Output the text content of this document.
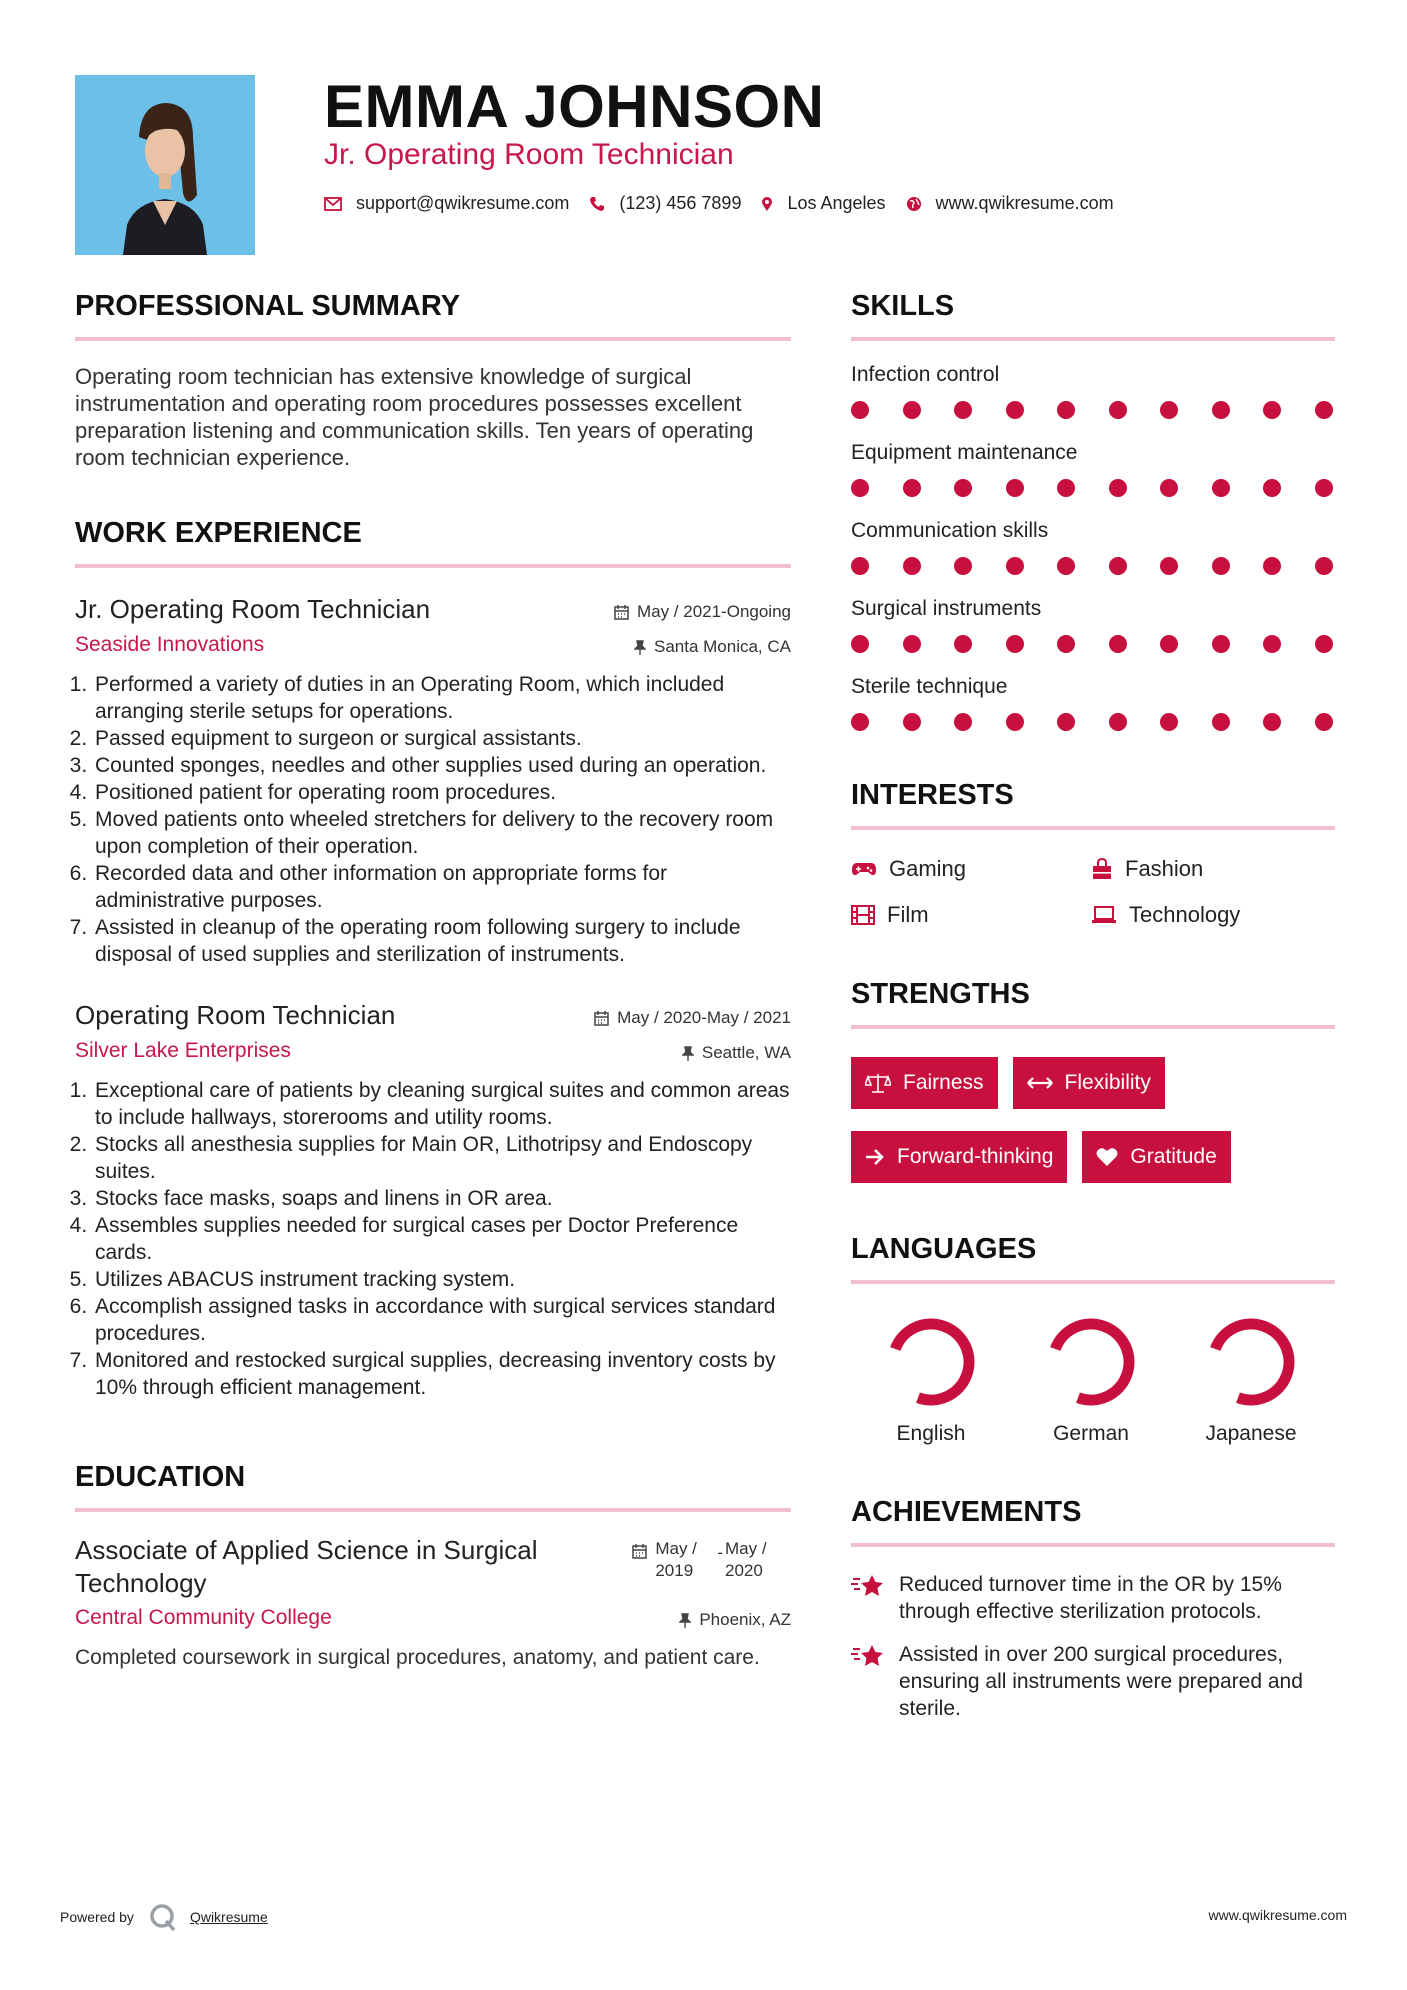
EMMA JOHNSON
Jr. Operating Room Technician
support@qwikresume.com	(123) 456 7899	Los Angeles	www.qwikresume.com
PROFESSIONAL SUMMARY

Operating room technician has extensive knowledge of surgical instrumentation and operating room procedures possesses excellent preparation listening and communication skills. Ten years of operating room technician experience.

WORK EXPERIENCE
Jr. Operating Room Technician	May / 2021-Ongoing
Seaside Innovations	Santa Monica, CA
1. Performed a variety of duties in an Operating Room, which included arranging sterile setups for operations.
2. Passed equipment to surgeon or surgical assistants.
3. Counted sponges, needles and other supplies used during an operation.
4. Positioned patient for operating room procedures.
5. Moved patients onto wheeled stretchers for delivery to the recovery room upon completion of their operation.
6. Recorded data and other information on appropriate forms for administrative purposes.
7. Assisted in cleanup of the operating room following surgery to include disposal of used supplies and sterilization of instruments.
Operating Room Technician	May / 2020-May / 2021
Silver Lake Enterprises	Seattle, WA
1. Exceptional care of patients by cleaning surgical suites and common areas to include hallways, storerooms and utility rooms.
2. Stocks all anesthesia supplies for Main OR, Lithotripsy and Endoscopy suites.
3. Stocks face masks, soaps and linens in OR area.
4. Assembles supplies needed for surgical cases per Doctor Preference cards.
5. Utilizes ABACUS instrument tracking system.
6. Accomplish assigned tasks in accordance with surgical services standard procedures.
7. Monitored and restocked surgical supplies, decreasing inventory costs by 10% through efficient management.
EDUCATION
Associate of Applied Science in Surgical Technology
May / 2019
- May / 2020
Central Community College	Phoenix, AZ

Completed coursework in surgical procedures, anatomy, and patient care.

SKILLS
Infection control
Equipment maintenance
Communication skills
Surgical instruments
Sterile technique
INTERESTS
Gaming	Fashion
Film	Technology
STRENGTHS
Fairness	Flexibility
Forward-thinking	Gratitude
LANGUAGES
English	German	Japanese
ACHIEVEMENTS
Reduced turnover time in the OR by 15% through effective sterilization protocols.
Assisted in over 200 surgical procedures, ensuring all instruments were prepared and sterile.
Powered by	Qwikresume	www.qwikresume.com
